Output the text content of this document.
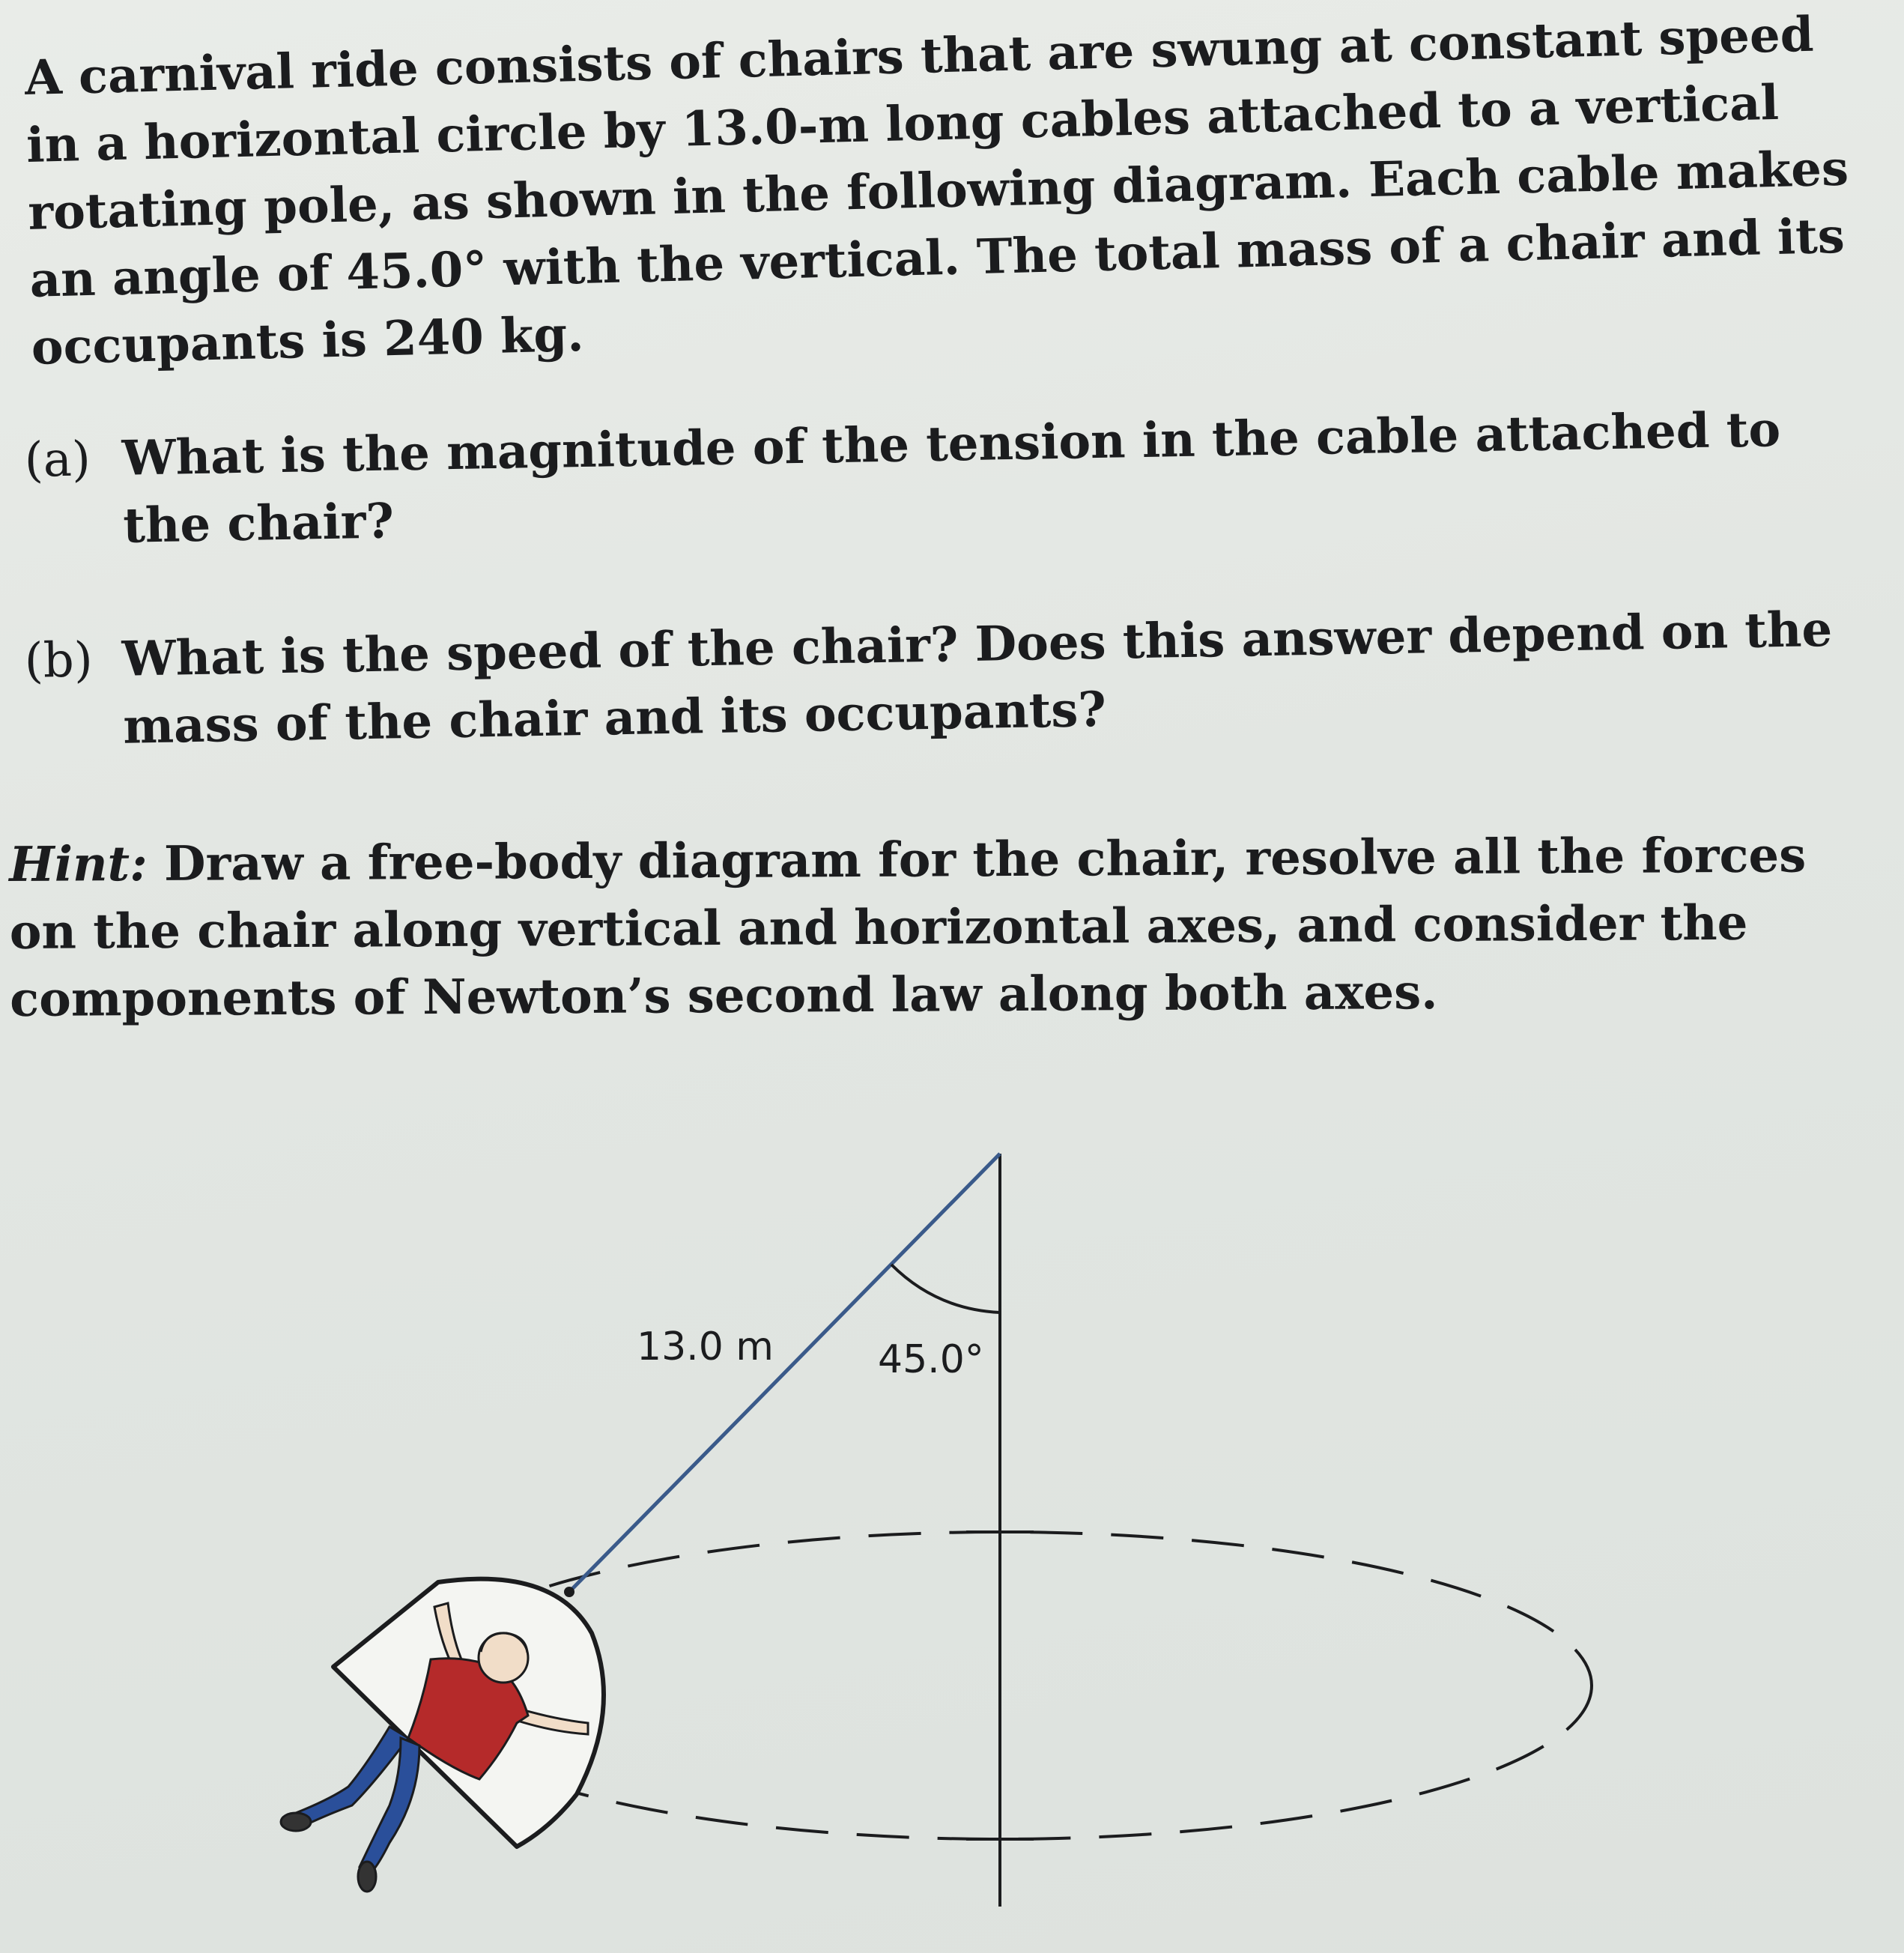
A carnival ride consists of chairs that are swung at constant speed in a horizontal circle by 13.0-m long cables attached to a vertical rotating pole, as shown in the following diagram. Each cable makes an angle of 45.0° with the vertical. The total mass of a chair and its occupants is 240 kg.

(a) What is the magnitude of the tension in the cable attached to the chair?

(b) What is the speed of the chair? Does this answer depend on the mass of the chair and its occupants?

Hint: Draw a free-body diagram for the chair, resolve all the forces on the chair along vertical and horizontal axes, and consider the components of Newton’s second law along both axes.

13.0 m	45.0°
